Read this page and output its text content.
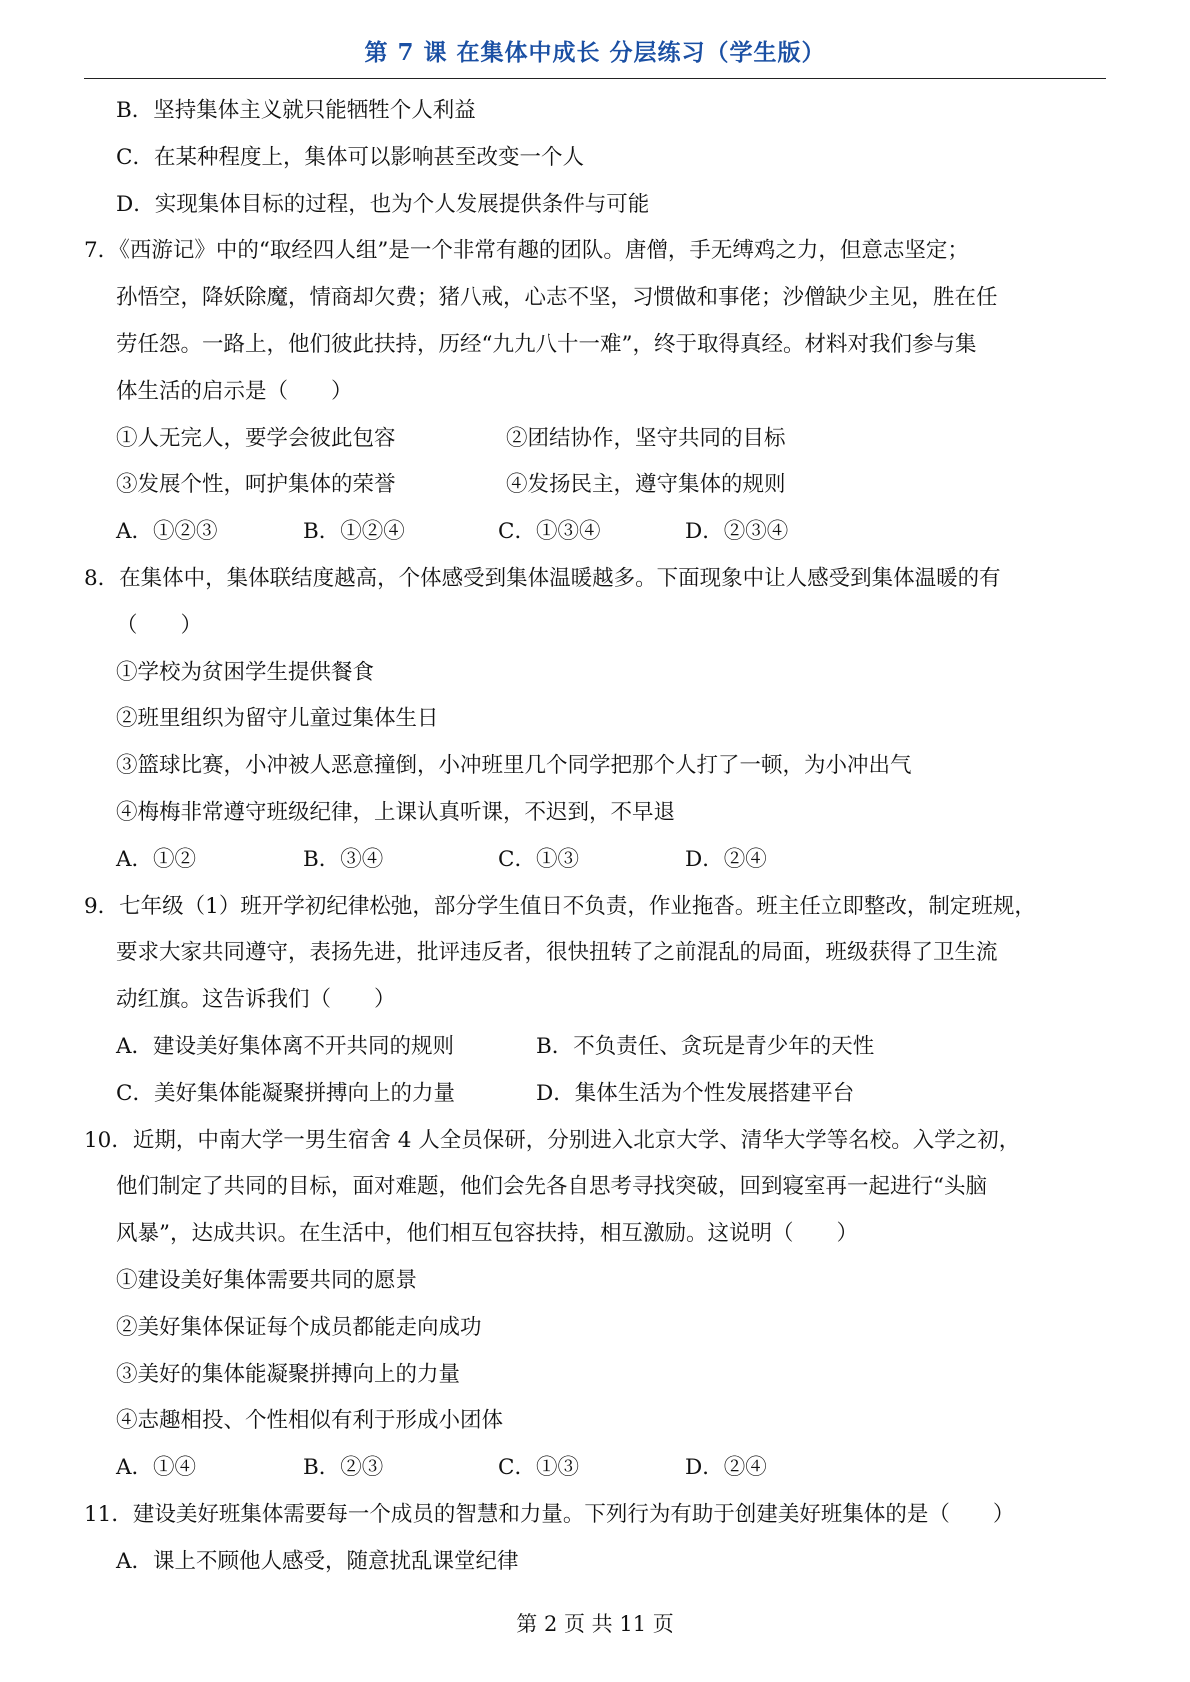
第 7 课 在集体中成长 分层练习（学生版）
B．坚持集体主义就只能牺牲个人利益
C．在某种程度上，集体可以影响甚至改变一个人
D．实现集体目标的过程，也为个人发展提供条件与可能
7．《西游记》中的“取经四人组”是一个非常有趣的团队。唐僧，手无缚鸡之力，但意志坚定；
孙悟空，降妖除魔，情商却欠费；猪八戒，心志不坚，习惯做和事佬；沙僧缺少主见，胜在任
劳任怨。一路上，他们彼此扶持，历经“九九八十一难”，终于取得真经。材料对我们参与集
体生活的启示是（　　）
①人无完人，要学会彼此包容	②团结协作，坚守共同的目标
③发展个性，呵护集体的荣誉	④发扬民主，遵守集体的规则
A．①②③	B．①②④	C．①③④	D．②③④
8．在集体中，集体联结度越高，个体感受到集体温暖越多。下面现象中让人感受到集体温暖的有
（　　）
①学校为贫困学生提供餐食
②班里组织为留守儿童过集体生日
③篮球比赛，小冲被人恶意撞倒，小冲班里几个同学把那个人打了一顿，为小冲出气
④梅梅非常遵守班级纪律，上课认真听课，不迟到，不早退
A．①②	B．③④	C．①③	D．②④
9．七年级（1）班开学初纪律松弛，部分学生值日不负责，作业拖沓。班主任立即整改，制定班规，
要求大家共同遵守，表扬先进，批评违反者，很快扭转了之前混乱的局面，班级获得了卫生流
动红旗。这告诉我们（　　）
A．建设美好集体离不开共同的规则	B．不负责任、贪玩是青少年的天性
C．美好集体能凝聚拼搏向上的力量	D．集体生活为个性发展搭建平台
10．近期，中南大学一男生宿舍 4 人全员保研，分别进入北京大学、清华大学等名校。入学之初，
他们制定了共同的目标，面对难题，他们会先各自思考寻找突破，回到寝室再一起进行“头脑
风暴”，达成共识。在生活中，他们相互包容扶持，相互激励。这说明（　　）
①建设美好集体需要共同的愿景
②美好集体保证每个成员都能走向成功
③美好的集体能凝聚拼搏向上的力量
④志趣相投、个性相似有利于形成小团体
A．①④	B．②③	C．①③	D．②④
11．建设美好班集体需要每一个成员的智慧和力量。下列行为有助于创建美好班集体的是（　　）
A．课上不顾他人感受，随意扰乱课堂纪律
第 2 页 共 11 页
